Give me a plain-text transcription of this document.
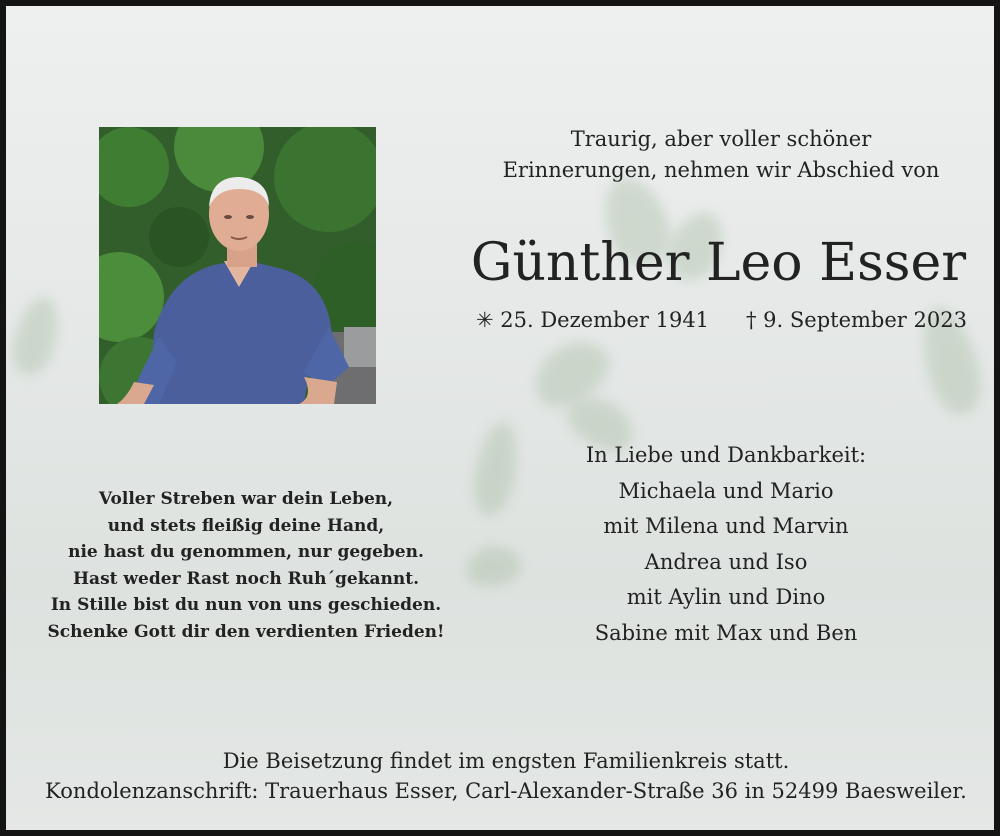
Traurig, aber voller schöner
Erinnerungen, nehmen wir Abschied von
Günther Leo Esser
✳ 25. Dezember 1941 † 9. September 2023
Voller Streben war dein Leben,
und stets fleißig deine Hand,
nie hast du genommen, nur gegeben.
Hast weder Rast noch Ruh´gekannt.
In Stille bist du nun von uns geschieden.
Schenke Gott dir den verdienten Frieden!
In Liebe und Dankbarkeit:
Michaela und Mario
mit Milena und Marvin
Andrea und Iso
mit Aylin und Dino
Sabine mit Max und Ben
Die Beisetzung findet im engsten Familienkreis statt.
Kondolenzanschrift: Trauerhaus Esser, Carl-Alexander-Straße 36 in 52499 Baesweiler.
